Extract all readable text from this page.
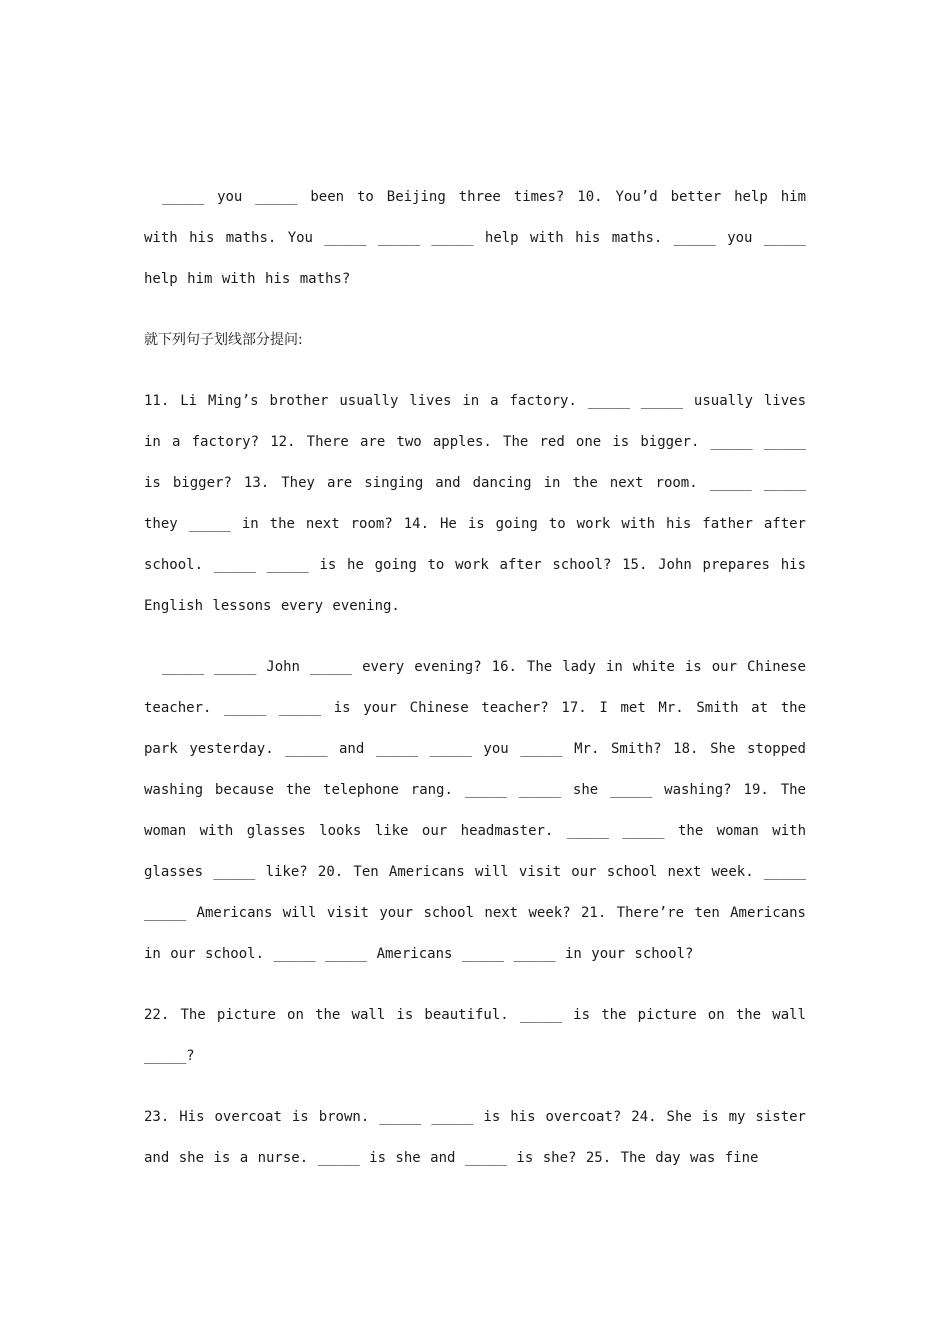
_____ you _____ been to Beijing three times? 10. You’d better help him with his maths. You _____ _____ _____ help with his maths. _____ you _____ help him with his maths?

就下列句子划线部分提问:

11. Li Ming’s brother usually lives in a factory. _____ _____ usually lives in a factory? 12. There are two apples. The red one is bigger. _____ _____ is bigger? 13. They are singing and dancing in the next room. _____ _____ they _____ in the next room? 14. He is going to work with his father after school. _____ _____ is he going to work after school? 15. John prepares his English lessons every evening.

_____ _____ John _____ every evening? 16. The lady in white is our Chinese teacher. _____ _____ is your Chinese teacher? 17. I met Mr. Smith at the park yesterday. _____ and _____ _____ you _____ Mr. Smith? 18. She stopped washing because the telephone rang. _____ _____ she _____ washing? 19. The woman with glasses looks like our headmaster. _____ _____ the woman with glasses _____ like? 20. Ten Americans will visit our school next week. _____ _____ Americans will visit your school next week? 21. There’re ten Americans in our school. _____ _____ Americans _____ _____ in your school?

22. The picture on the wall is beautiful. _____ is the picture on the wall _____?

23. His overcoat is brown. _____ _____ is his overcoat? 24. She is my sister and she is a nurse. _____ is she and _____ is she? 25. The day was fine
